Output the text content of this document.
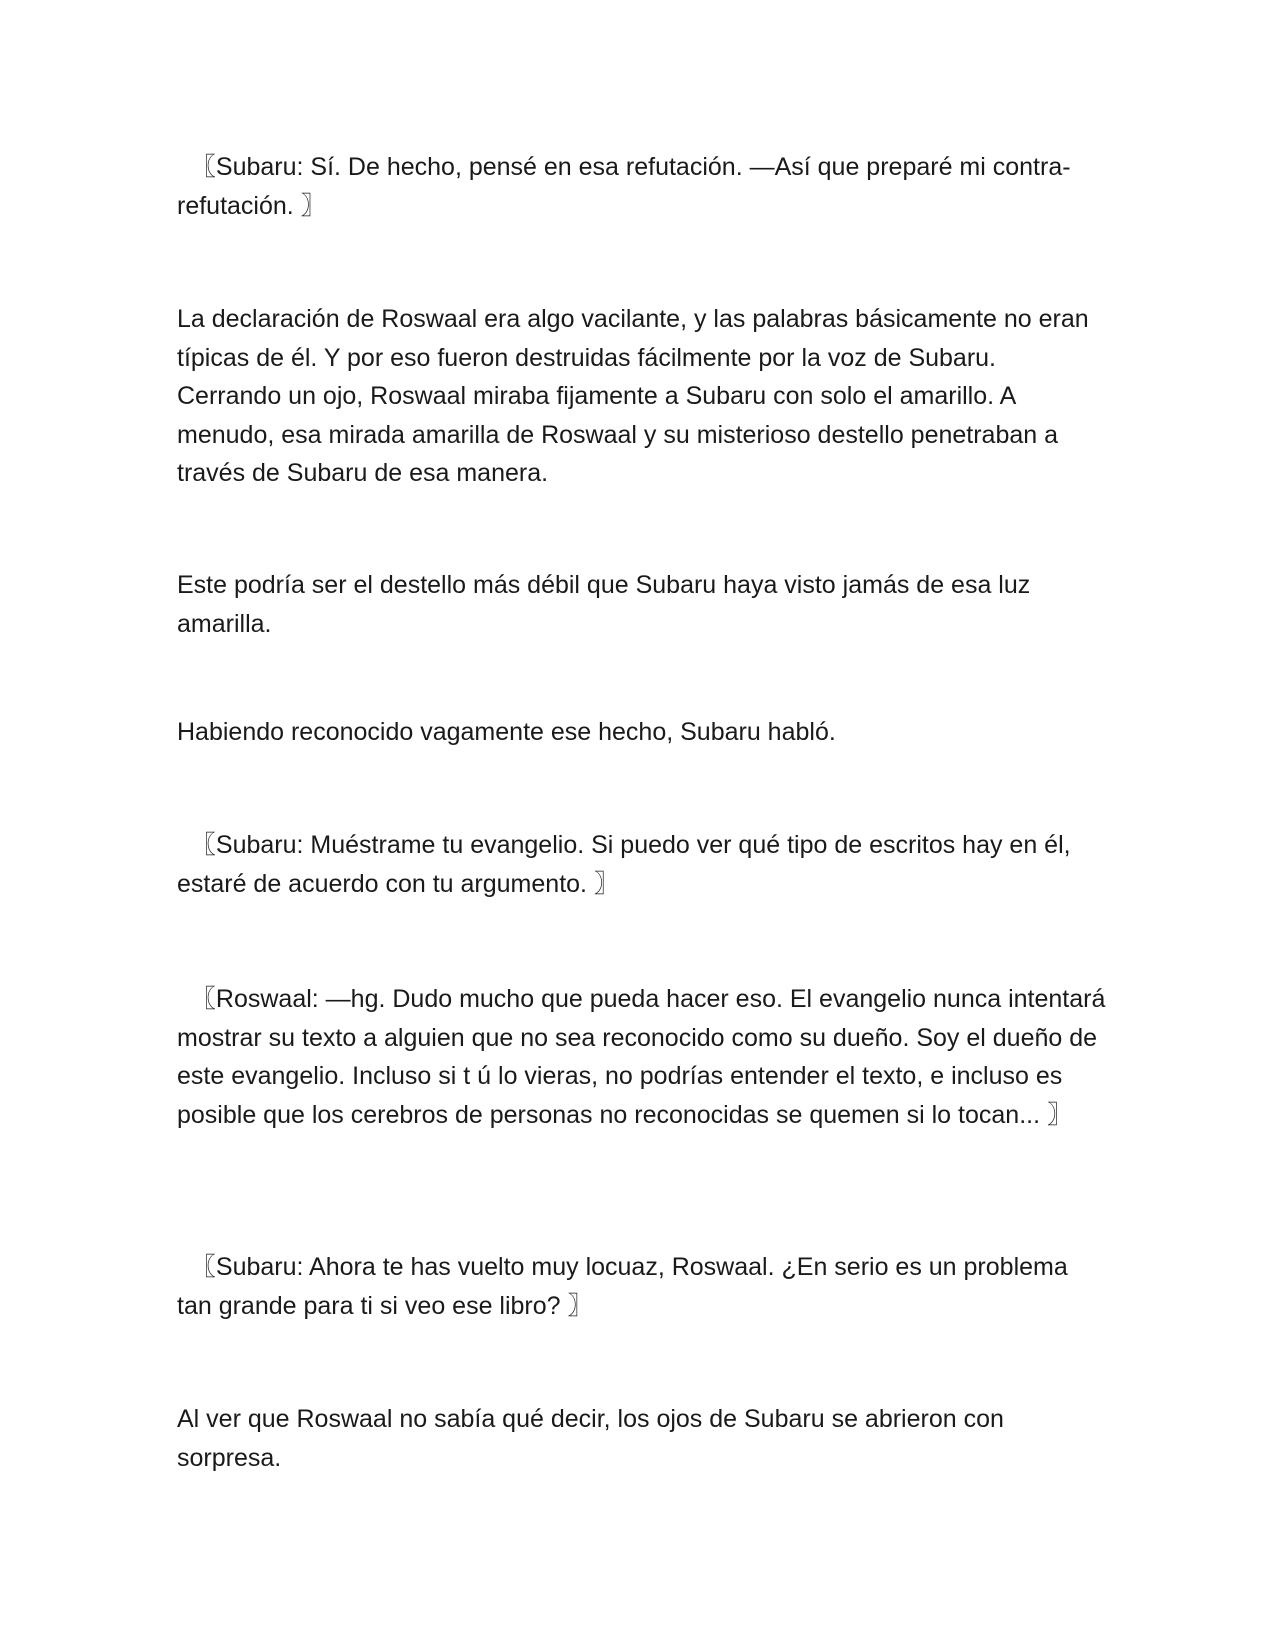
〖Subaru: Sí. De hecho, pensé en esa refutación. —Así que preparé mi contra-refutación. 〗

La declaración de Roswaal era algo vacilante, y las palabras básicamente no eran típicas de él. Y por eso fueron destruidas fácilmente por la voz de Subaru. Cerrando un ojo, Roswaal miraba fijamente a Subaru con solo el amarillo. A menudo, esa mirada amarilla de Roswaal y su misterioso destello penetraban a través de Subaru de esa manera.

Este podría ser el destello más débil que Subaru haya visto jamás de esa luz amarilla.

Habiendo reconocido vagamente ese hecho, Subaru habló.

〖Subaru: Muéstrame tu evangelio. Si puedo ver qué tipo de escritos hay en él, estaré de acuerdo con tu argumento. 〗

〖Roswaal: —hg. Dudo mucho que pueda hacer eso. El evangelio nunca intentará mostrar su texto a alguien que no sea reconocido como su dueño. Soy el dueño de este evangelio. Incluso si t ú lo vieras, no podrías entender el texto, e incluso es posible que los cerebros de personas no reconocidas se quemen si lo tocan... 〗

〖Subaru: Ahora te has vuelto muy locuaz, Roswaal. ¿En serio es un problema tan grande para ti si veo ese libro? 〗

Al ver que Roswaal no sabía qué decir, los ojos de Subaru se abrieron con sorpresa.
